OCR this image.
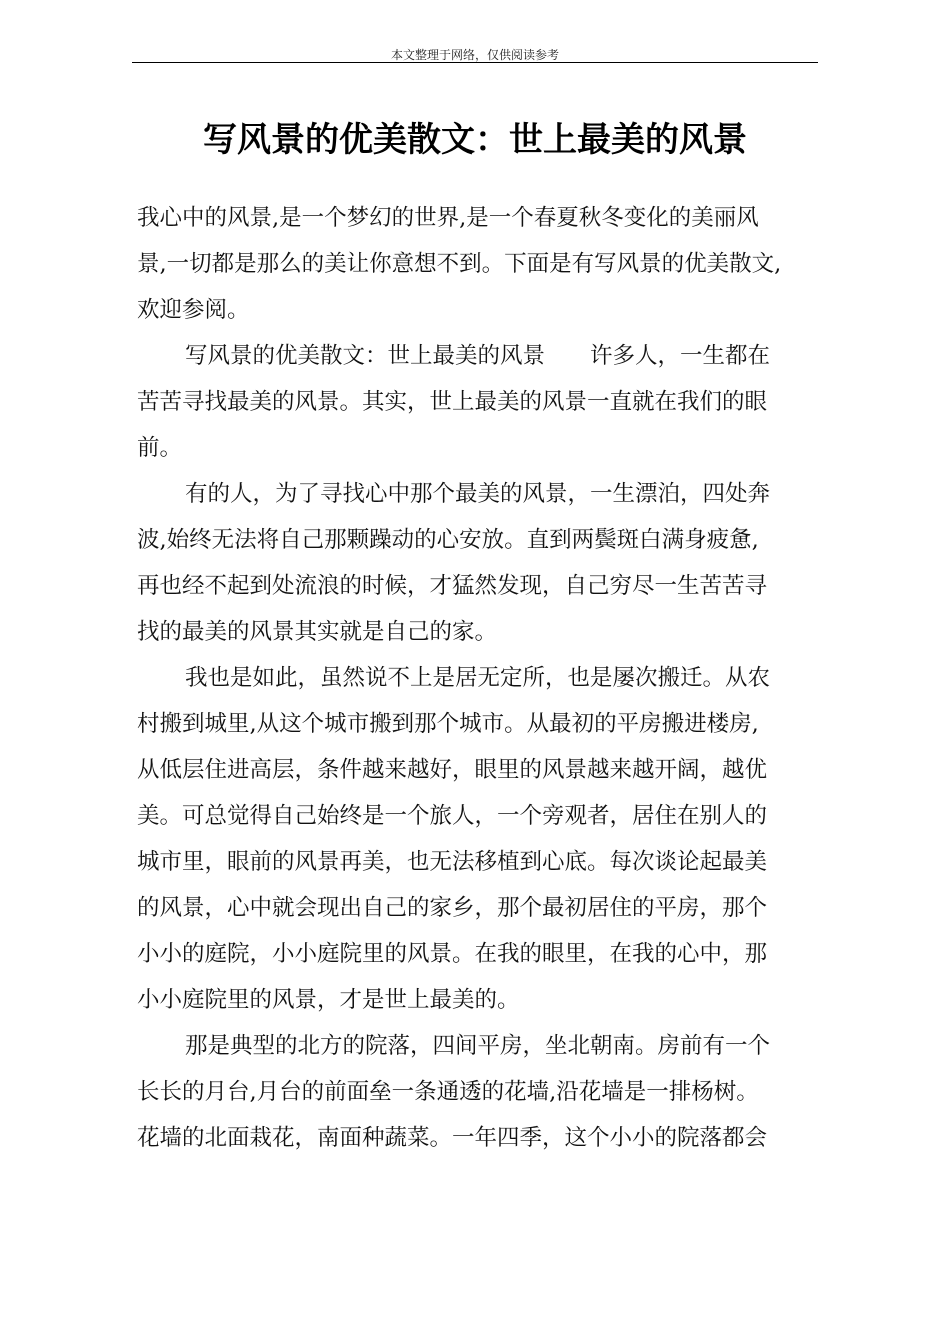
本文整理于网络，仅供阅读参考
写风景的优美散文：世上最美的风景
我心中的风景,是一个梦幻的世界,是一个春夏秋冬变化的美丽风
景,一切都是那么的美让你意想不到。下面是有写风景的优美散文,
欢迎参阅。
写风景的优美散文：世上最美的风景　　许多人，一生都在
苦苦寻找最美的风景。其实，世上最美的风景一直就在我们的眼
前。
有的人，为了寻找心中那个最美的风景，一生漂泊，四处奔
波,始终无法将自己那颗躁动的心安放。直到两鬓斑白满身疲惫,
再也经不起到处流浪的时候，才猛然发现，自己穷尽一生苦苦寻
找的最美的风景其实就是自己的家。
我也是如此，虽然说不上是居无定所，也是屡次搬迁。从农
村搬到城里,从这个城市搬到那个城市。从最初的平房搬进楼房,
从低层住进高层，条件越来越好，眼里的风景越来越开阔，越优
美。可总觉得自己始终是一个旅人，一个旁观者，居住在别人的
城市里，眼前的风景再美，也无法移植到心底。每次谈论起最美
的风景，心中就会现出自己的家乡，那个最初居住的平房，那个
小小的庭院，小小庭院里的风景。在我的眼里，在我的心中，那
小小庭院里的风景，才是世上最美的。
那是典型的北方的院落，四间平房，坐北朝南。房前有一个
长长的月台,月台的前面垒一条通透的花墙,沿花墙是一排杨树。
花墙的北面栽花，南面种蔬菜。一年四季，这个小小的院落都会
